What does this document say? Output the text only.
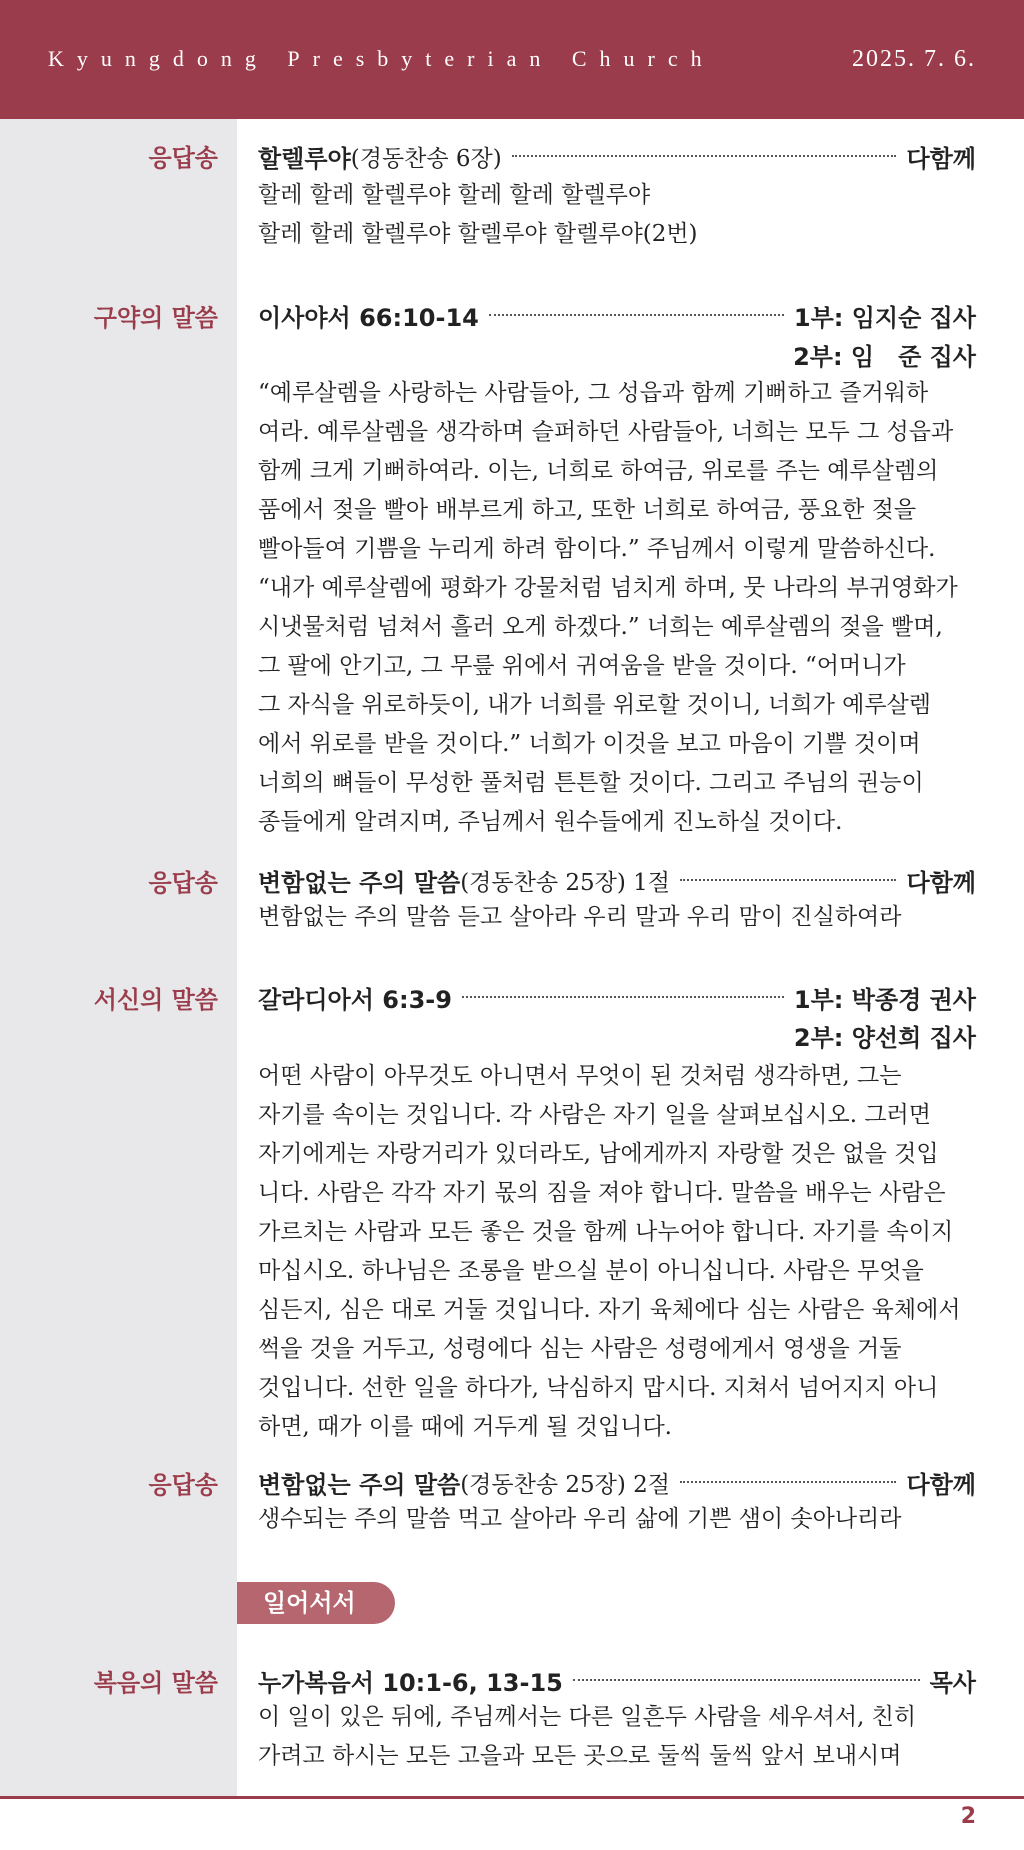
Kyungdong Presbyterian Church	2025. 7. 6.
응답송 할렐루야 (경동찬송 6장)	다함께
할레 할레 할렐루야 할레 할레 할렐루야
할레 할레 할렐루야 할렐루야 할렐루야(2번)
구약의 말씀 이사야서 66:10-14	1부: 임지순 집사
2부: 임　준 집사
“예루살렘을 사랑하는 사람들아, 그 성읍과 함께 기뻐하고 즐거워하
여라. 예루살렘을 생각하며 슬퍼하던 사람들아, 너희는 모두 그 성읍과
함께 크게 기뻐하여라. 이는, 너희로 하여금, 위로를 주는 예루살렘의
품에서 젖을 빨아 배부르게 하고, 또한 너희로 하여금, 풍요한 젖을
빨아들여 기쁨을 누리게 하려 함이다.” 주님께서 이렇게 말씀하신다.
“내가 예루살렘에 평화가 강물처럼 넘치게 하며, 뭇 나라의 부귀영화가
시냇물처럼 넘쳐서 흘러 오게 하겠다.” 너희는 예루살렘의 젖을 빨며,
그 팔에 안기고, 그 무릎 위에서 귀여움을 받을 것이다. “어머니가
그 자식을 위로하듯이, 내가 너희를 위로할 것이니, 너희가 예루살렘
에서 위로를 받을 것이다.” 너희가 이것을 보고 마음이 기쁠 것이며
너희의 뼈들이 무성한 풀처럼 튼튼할 것이다. 그리고 주님의 권능이
종들에게 알려지며, 주님께서 원수들에게 진노하실 것이다.
응답송 변함없는 주의 말씀 (경동찬송 25장) 1절	다함께
변함없는 주의 말씀 듣고 살아라 우리 말과 우리 맘이 진실하여라
서신의 말씀 갈라디아서 6:3-9	1부: 박종경 권사
2부: 양선희 집사
어떤 사람이 아무것도 아니면서 무엇이 된 것처럼 생각하면, 그는
자기를 속이는 것입니다. 각 사람은 자기 일을 살펴보십시오. 그러면
자기에게는 자랑거리가 있더라도, 남에게까지 자랑할 것은 없을 것입
니다. 사람은 각각 자기 몫의 짐을 져야 합니다. 말씀을 배우는 사람은
가르치는 사람과 모든 좋은 것을 함께 나누어야 합니다. 자기를 속이지
마십시오. 하나님은 조롱을 받으실 분이 아니십니다. 사람은 무엇을
심든지, 심은 대로 거둘 것입니다. 자기 육체에다 심는 사람은 육체에서
썩을 것을 거두고, 성령에다 심는 사람은 성령에게서 영생을 거둘
것입니다. 선한 일을 하다가, 낙심하지 맙시다. 지쳐서 넘어지지 아니
하면, 때가 이를 때에 거두게 될 것입니다.
응답송 변함없는 주의 말씀 (경동찬송 25장) 2절	다함께
생수되는 주의 말씀 먹고 살아라 우리 삶에 기쁜 샘이 솟아나리라
일어서서
복음의 말씀 누가복음서 10:1-6, 13-15	목사
이 일이 있은 뒤에, 주님께서는 다른 일흔두 사람을 세우셔서, 친히
가려고 하시는 모든 고을과 모든 곳으로 둘씩 둘씩 앞서 보내시며
2
